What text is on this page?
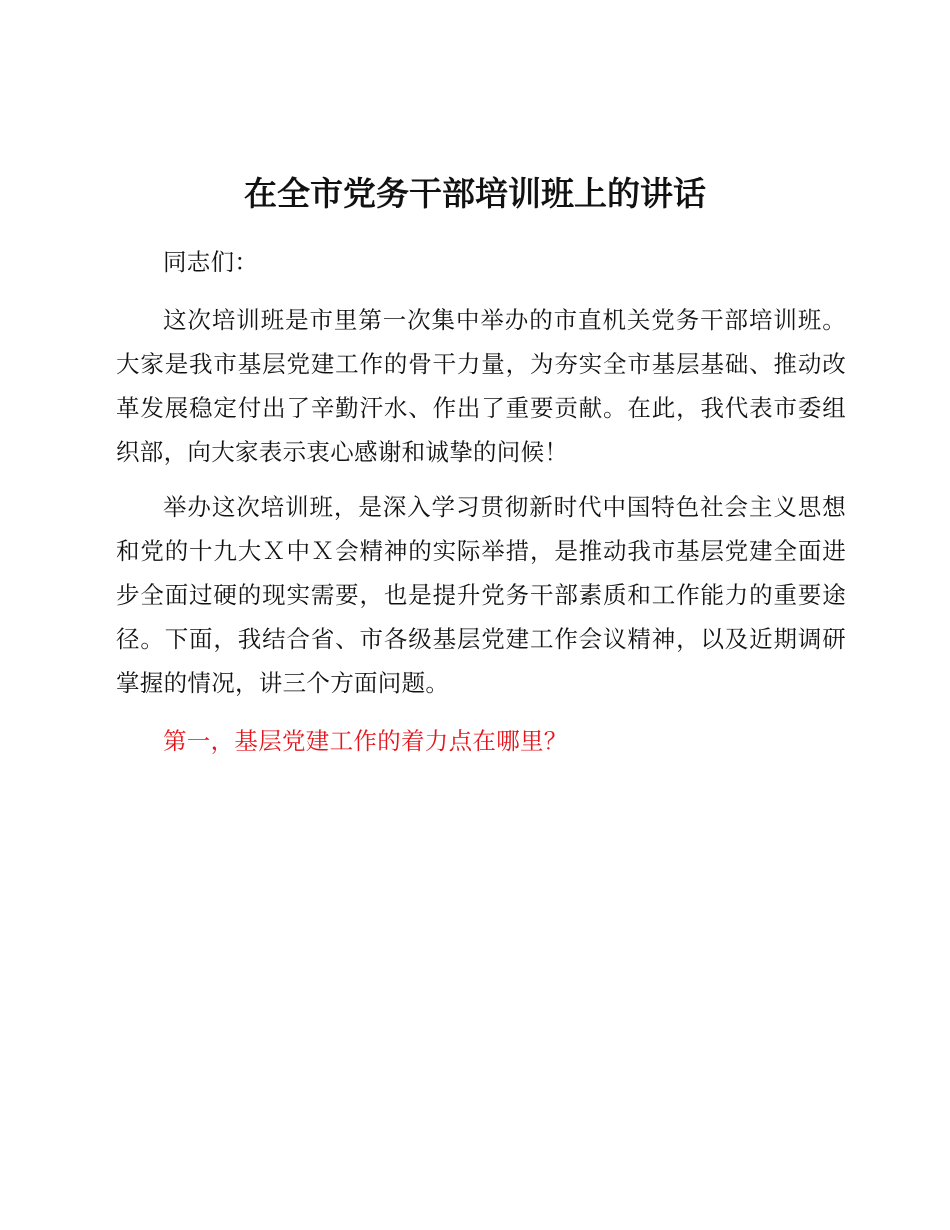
在全市党务干部培训班上的讲话

同志们：

这次培训班是市里第一次集中举办的市直机关党务干部培训班。大家是我市基层党建工作的骨干力量，为夯实全市基层基础、推动改革发展稳定付出了辛勤汗水、作出了重要贡献。在此，我代表市委组织部，向大家表示衷心感谢和诚挚的问候！

举办这次培训班，是深入学习贯彻新时代中国特色社会主义思想和党的十九大Ｘ中Ｘ会精神的实际举措，是推动我市基层党建全面进步全面过硬的现实需要，也是提升党务干部素质和工作能力的重要途径。下面，我结合省、市各级基层党建工作会议精神，以及近期调研掌握的情况，讲三个方面问题。

第一，基层党建工作的着力点在哪里？
